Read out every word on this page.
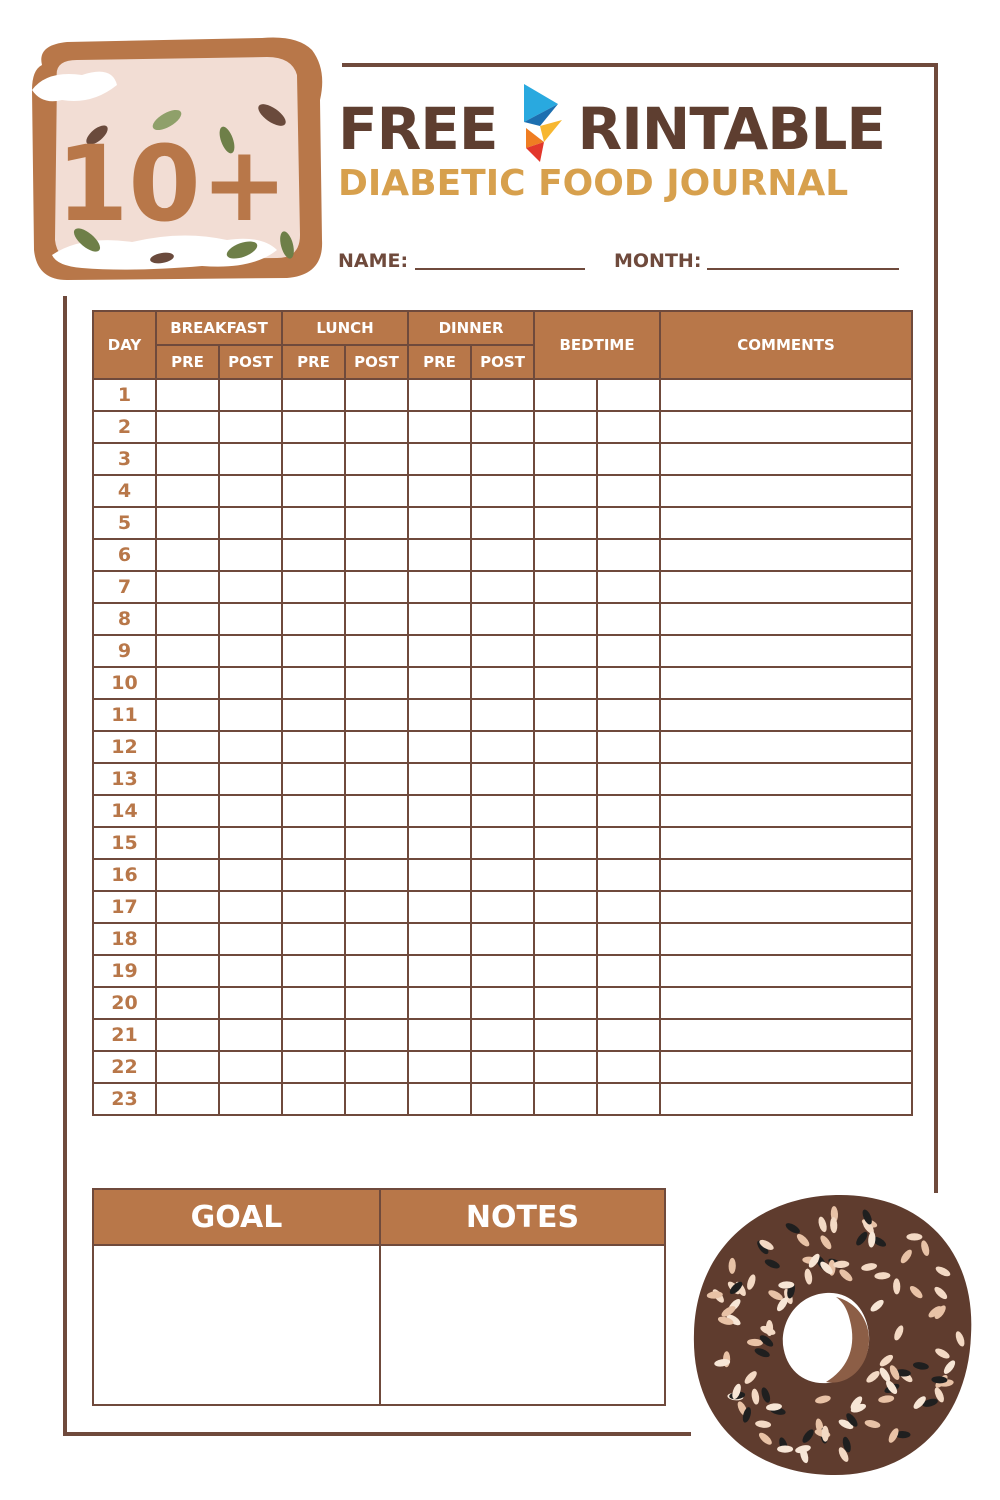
10+ FREE RINTABLE
DIABETIC FOOD JOURNAL
NAME:	MONTH:
DAY	BREAKFAST		LUNCH		DINNER		BEDTIME		COMMENTS
	PRE	POST	PRE	POST	PRE	POST			
1									
2									
3									
4									
5									
6									
7									
8									
9									
10									
11									
12									
13									
14									
15									
16									
17									
18									
19									
20									
21									
22									
23									
GOAL	NOTES
